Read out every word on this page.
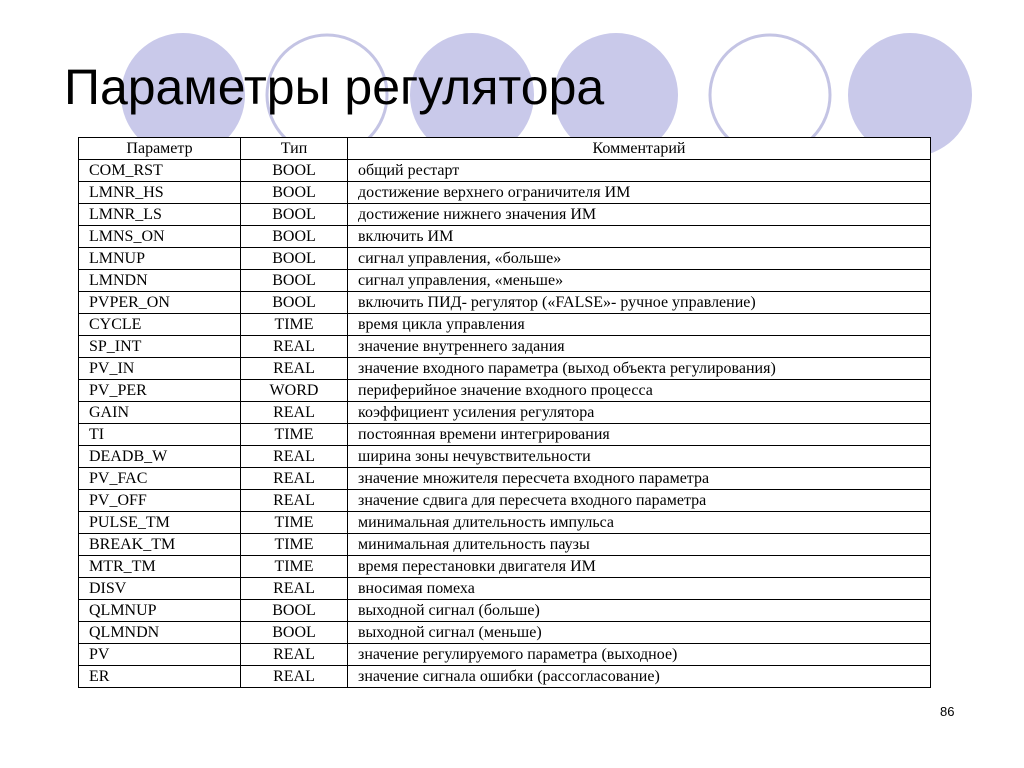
Параметры регулятора
Параметр	Тип	Комментарий
COM_RST	BOOL	общий рестарт
LMNR_HS	BOOL	достижение верхнего ограничителя ИМ
LMNR_LS	BOOL	достижение нижнего значения ИМ
LMNS_ON	BOOL	включить ИМ
LMNUP	BOOL	сигнал управления, «больше»
LMNDN	BOOL	сигнал управления, «меньше»
PVPER_ON	BOOL	включить ПИД- регулятор («FALSE»- ручное управление)
CYCLE	TIME	время цикла управления
SP_INT	REAL	значение внутреннего задания
PV_IN	REAL	значение входного параметра (выход объекта регулирования)
PV_PER	WORD	периферийное значение входного процесса
GAIN	REAL	коэффициент усиления регулятора
TI	TIME	постоянная времени интегрирования
DEADB_W	REAL	ширина зоны нечувствительности
PV_FAC	REAL	значение множителя пересчета входного параметра
PV_OFF	REAL	значение сдвига для пересчета входного параметра
PULSE_TM	TIME	минимальная длительность импульса
BREAK_TM	TIME	минимальная длительность паузы
MTR_TM	TIME	время перестановки двигателя ИМ
DISV	REAL	вносимая помеха
QLMNUP	BOOL	выходной сигнал (больше)
QLMNDN	BOOL	выходной сигнал (меньше)
PV	REAL	значение регулируемого параметра (выходное)
ER	REAL	значение сигнала ошибки (рассогласование)
86
